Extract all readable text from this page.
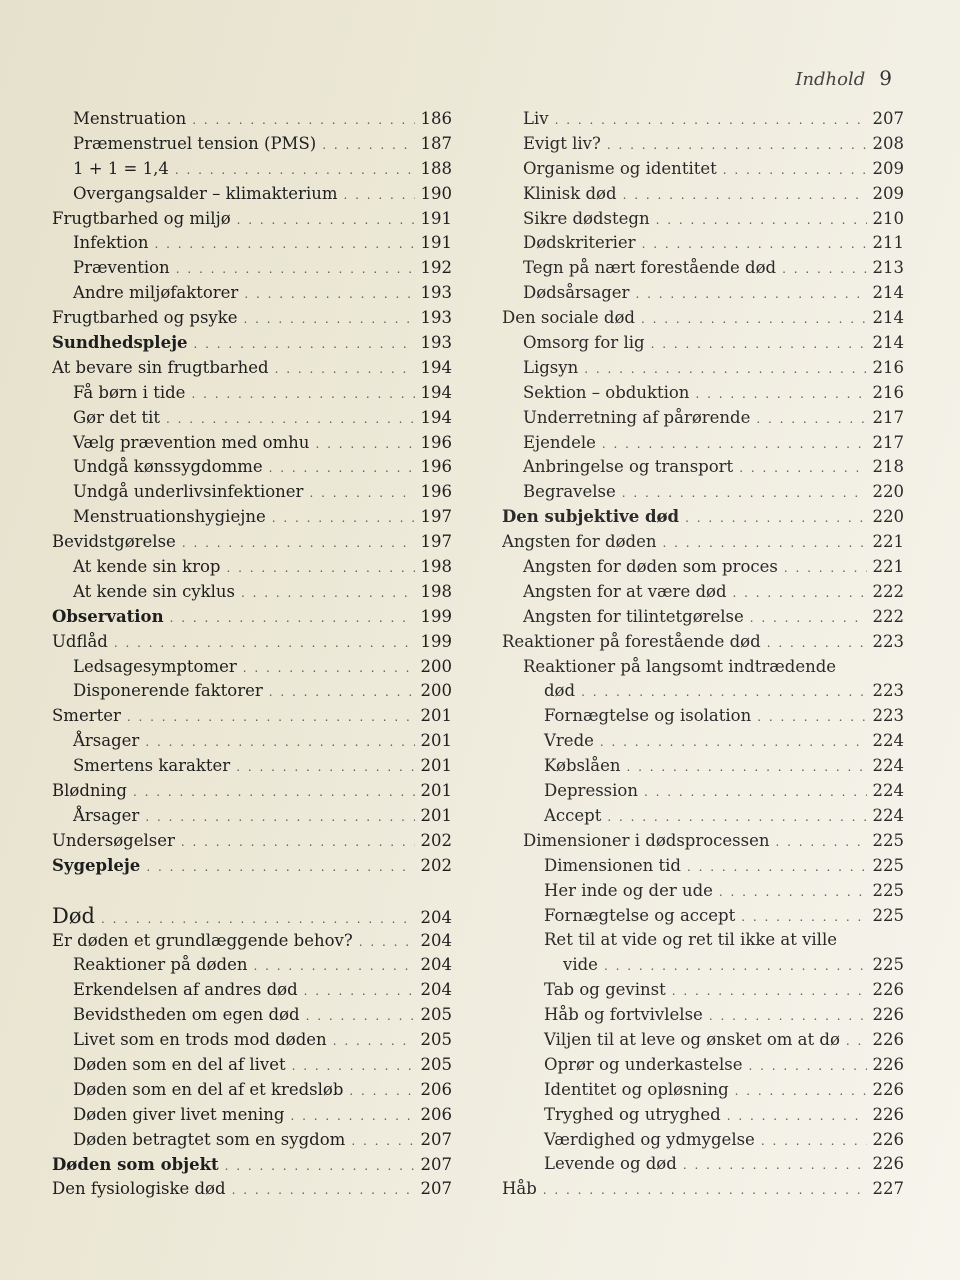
Indhold 9
Menstruation . . .	186
Præmenstruel tension (PMS) . . .	187
1 + 1 = 1,4 . . .	188
Overgangsalder – klimakterium . . .	190
Frugtbarhed og miljø . . .	191
Infektion . . .	191
Prævention . . .	192
Andre miljøfaktorer . . .	193
Frugtbarhed og psyke . . .	193
Sundhedspleje . . .	193
At bevare sin frugtbarhed . . .	194
Få børn i tide . . .	194
Gør det tit . . .	194
Vælg prævention med omhu . . .	196
Undgå kønssygdomme . . .	196
Undgå underlivsinfektioner . . .	196
Menstruationshygiejne . . .	197
Bevidstgørelse . . .	197
At kende sin krop . . .	198
At kende sin cyklus . . .	198
Observation . . .	199
Udflåd . . .	199
Ledsagesymptomer . . .	200
Disponerende faktorer . . .	200
Smerter . . .	201
Årsager . . .	201
Smertens karakter . . .	201
Blødning . . .	201
Årsager . . .	201
Undersøgelser . . .	202
Sygepleje . . .	202
Død . . .	204
Er døden et grundlæggende behov? . . .	204
Reaktioner på døden . . .	204
Erkendelsen af andres død . . .	204
Bevidstheden om egen død . . .	205
Livet som en trods mod døden . . .	205
Døden som en del af livet . . .	205
Døden som en del af et kredsløb . . .	206
Døden giver livet mening . . .	206
Døden betragtet som en sygdom . . .	207
Døden som objekt . . .	207
Den fysiologiske død . . .	207
Liv . . .	207
Evigt liv? . . .	208
Organisme og identitet . . .	209
Klinisk død . . .	209
Sikre dødstegn . . .	210
Dødskriterier . . .	211
Tegn på nært forestående død . . .	213
Dødsårsager . . .	214
Den sociale død . . .	214
Omsorg for lig . . .	214
Ligsyn . . .	216
Sektion – obduktion . . .	216
Underretning af pårørende . . .	217
Ejendele . . .	217
Anbringelse og transport . . .	218
Begravelse . . .	220
Den subjektive død . . .	220
Angsten for døden . . .	221
Angsten for døden som proces . . .	221
Angsten for at være død . . .	222
Angsten for tilintetgørelse . . .	222
Reaktioner på forestående død . . .	223
Reaktioner på langsomt indtrædende
død . . .	223
Fornægtelse og isolation . . .	223
Vrede . . .	224
Købslåen . . .	224
Depression . . .	224
Accept . . .	224
Dimensioner i dødsprocessen . . .	225
Dimensionen tid . . .	225
Her inde og der ude . . .	225
Fornægtelse og accept . . .	225
Ret til at vide og ret til ikke at ville
vide . . .	225
Tab og gevinst . . .	226
Håb og fortvivlelse . . .	226
Viljen til at leve og ønsket om at dø . . . 226
Oprør og underkastelse . . .	226
Identitet og opløsning . . .	226
Tryghed og utryghed . . .	226
Værdighed og ydmygelse . . .	226
Levende og død . . .	226
Håb . . .	227
